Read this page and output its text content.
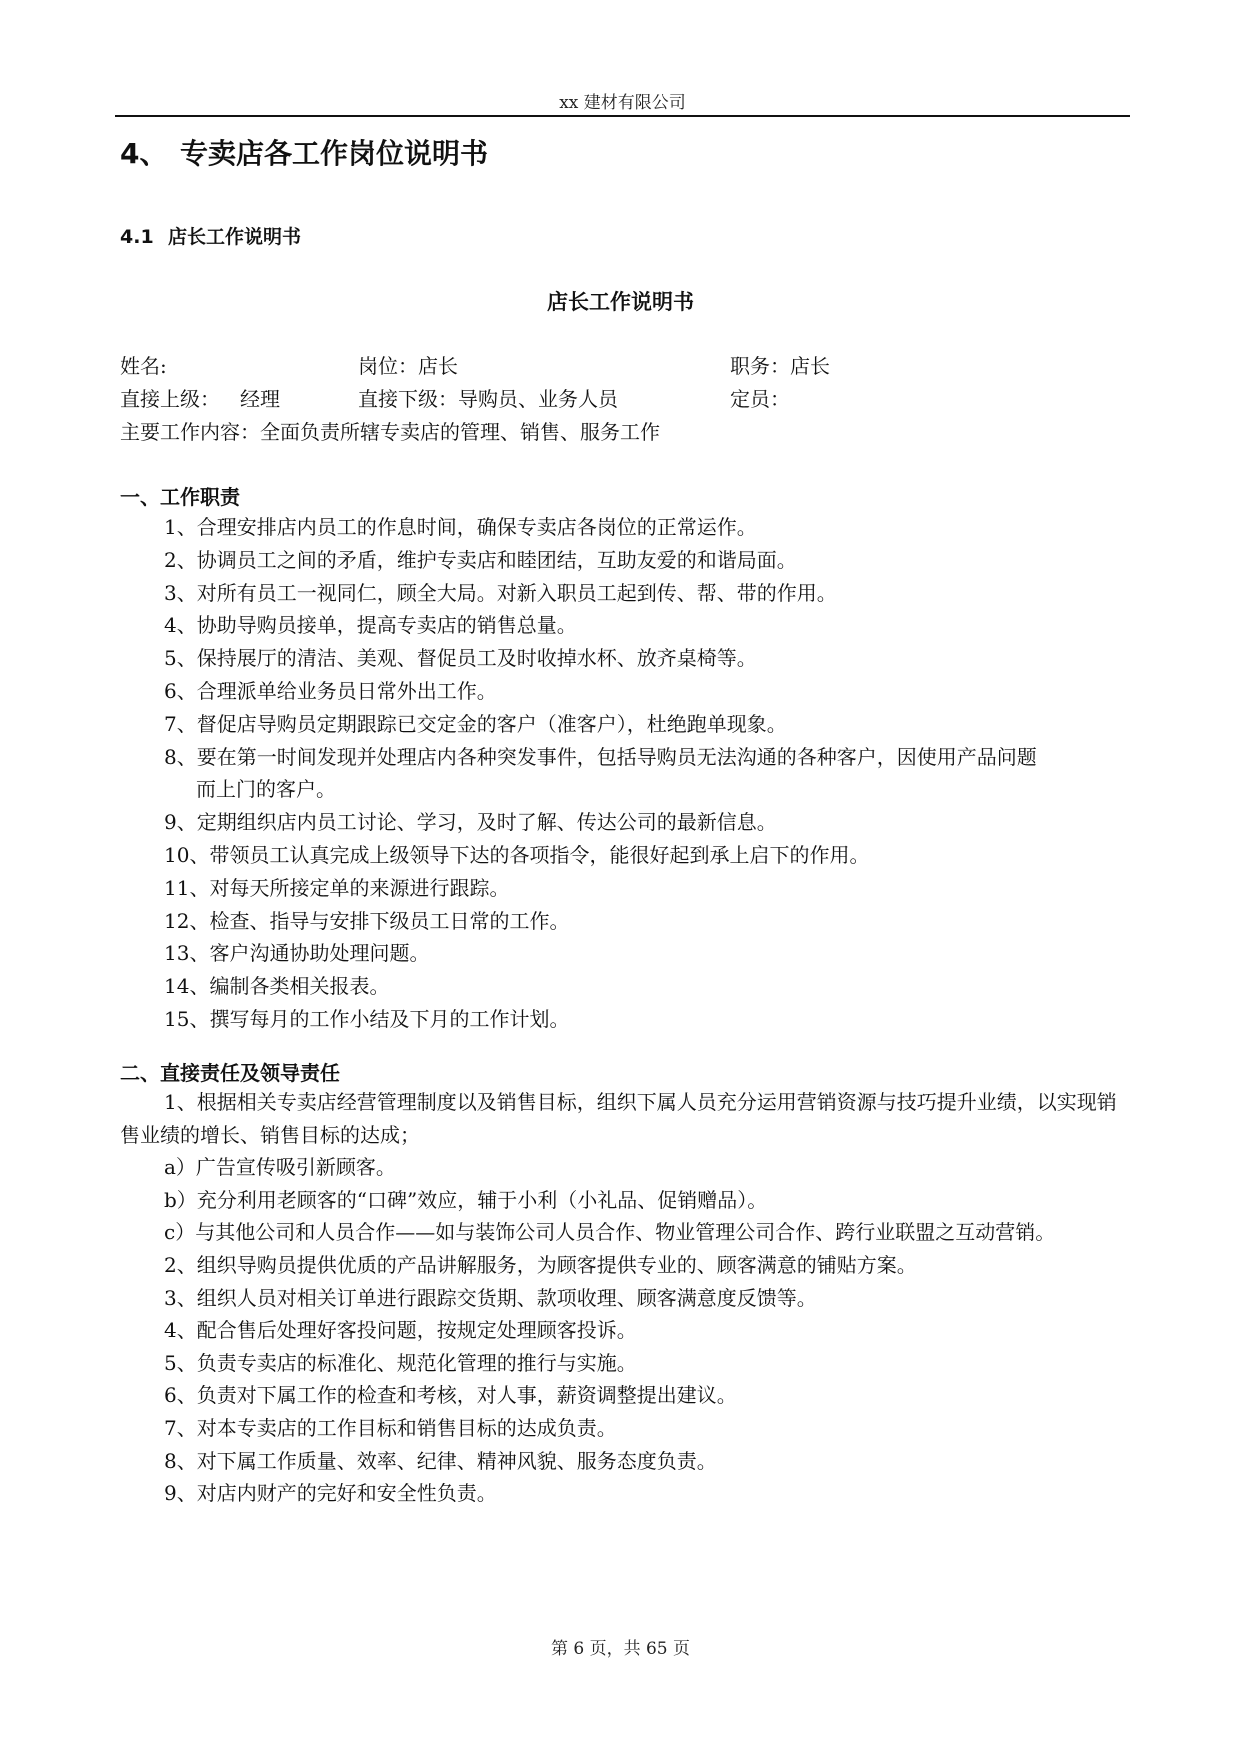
xx 建材有限公司
4、 专卖店各工作岗位说明书
4.1 店长工作说明书
店长工作说明书
姓名:	岗位：店长	职务：店长
直接上级： 经理	直接下级：导购员、业务人员	定员：
主要工作内容：全面负责所辖专卖店的管理、销售、服务工作
一、工作职责
1、合理安排店内员工的作息时间，确保专卖店各岗位的正常运作。
2、协调员工之间的矛盾，维护专卖店和睦团结，互助友爱的和谐局面。
3、对所有员工一视同仁，顾全大局。对新入职员工起到传、帮、带的作用。
4、协助导购员接单，提高专卖店的销售总量。
5、保持展厅的清洁、美观、督促员工及时收掉水杯、放齐桌椅等。
6、合理派单给业务员日常外出工作。
7、督促店导购员定期跟踪已交定金的客户（准客户），杜绝跑单现象。
8、要在第一时间发现并处理店内各种突发事件，包括导购员无法沟通的各种客户，因使用产品问题
而上门的客户。
9、定期组织店内员工讨论、学习，及时了解、传达公司的最新信息。
10、带领员工认真完成上级领导下达的各项指令，能很好起到承上启下的作用。
11、对每天所接定单的来源进行跟踪。
12、检查、指导与安排下级员工日常的工作。
13、客户沟通协助处理问题。
14、编制各类相关报表。
15、撰写每月的工作小结及下月的工作计划。
二、直接责任及领导责任
1、根据相关专卖店经营管理制度以及销售目标，组织下属人员充分运用营销资源与技巧提升业绩，以实现销售业绩的增长、销售目标的达成；
a）广告宣传吸引新顾客。
b）充分利用老顾客的“口碑”效应，辅于小利（小礼品、促销赠品）。
c）与其他公司和人员合作——如与装饰公司人员合作、物业管理公司合作、跨行业联盟之互动营销。
2、组织导购员提供优质的产品讲解服务，为顾客提供专业的、顾客满意的铺贴方案。
3、组织人员对相关订单进行跟踪交货期、款项收理、顾客满意度反馈等。
4、配合售后处理好客投问题，按规定处理顾客投诉。
5、负责专卖店的标准化、规范化管理的推行与实施。
6、负责对下属工作的检查和考核，对人事，薪资调整提出建议。
7、对本专卖店的工作目标和销售目标的达成负责。
8、对下属工作质量、效率、纪律、精神风貌、服务态度负责。
9、对店内财产的完好和安全性负责。
第 6 页，共 65 页
